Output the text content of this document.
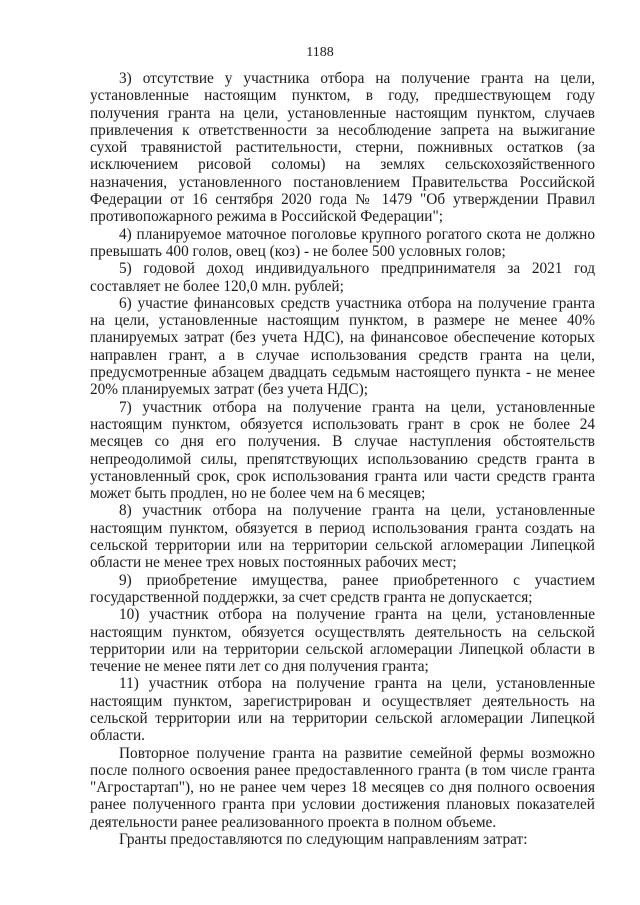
1188

3) отсутствие у участника отбора на получение гранта на цели, установленные настоящим пунктом, в году, предшествующем году получения гранта на цели, установленные настоящим пунктом, случаев привлечения к ответственности за несоблюдение запрета на выжигание сухой травянистой растительности, стерни, пожнивных остатков (за исключением рисовой соломы) на землях сельскохозяйственного назначения, установленного постановлением Правительства Российской Федерации от 16 сентября 2020 года № 1479 "Об утверждении Правил противопожарного режима в Российской Федерации";

4) планируемое маточное поголовье крупного рогатого скота не должно превышать 400 голов, овец (коз) - не более 500 условных голов;

5) годовой доход индивидуального предпринимателя за 2021 год составляет не более 120,0 млн. рублей;

6) участие финансовых средств участника отбора на получение гранта на цели, установленные настоящим пунктом, в размере не менее 40% планируемых затрат (без учета НДС), на финансовое обеспечение которых направлен грант, а в случае использования средств гранта на цели, предусмотренные абзацем двадцать седьмым настоящего пункта - не менее 20% планируемых затрат (без учета НДС);

7) участник отбора на получение гранта на цели, установленные настоящим пунктом, обязуется использовать грант в срок не более 24 месяцев со дня его получения. В случае наступления обстоятельств непреодолимой силы, препятствующих использованию средств гранта в установленный срок, срок использования гранта или части средств гранта может быть продлен, но не более чем на 6 месяцев;

8) участник отбора на получение гранта на цели, установленные настоящим пунктом, обязуется в период использования гранта создать на сельской территории или на территории сельской агломерации Липецкой области не менее трех новых постоянных рабочих мест;

9) приобретение имущества, ранее приобретенного с участием государственной поддержки, за счет средств гранта не допускается;

10) участник отбора на получение гранта на цели, установленные настоящим пунктом, обязуется осуществлять деятельность на сельской территории или на территории сельской агломерации Липецкой области в течение не менее пяти лет со дня получения гранта;

11) участник отбора на получение гранта на цели, установленные настоящим пунктом, зарегистрирован и осуществляет деятельность на сельской территории или на территории сельской агломерации Липецкой области.

Повторное получение гранта на развитие семейной фермы возможно после полного освоения ранее предоставленного гранта (в том числе гранта "Агростартап"), но не ранее чем через 18 месяцев со дня полного освоения ранее полученного гранта при условии достижения плановых показателей деятельности ранее реализованного проекта в полном объеме.

Гранты предоставляются по следующим направлениям затрат:
